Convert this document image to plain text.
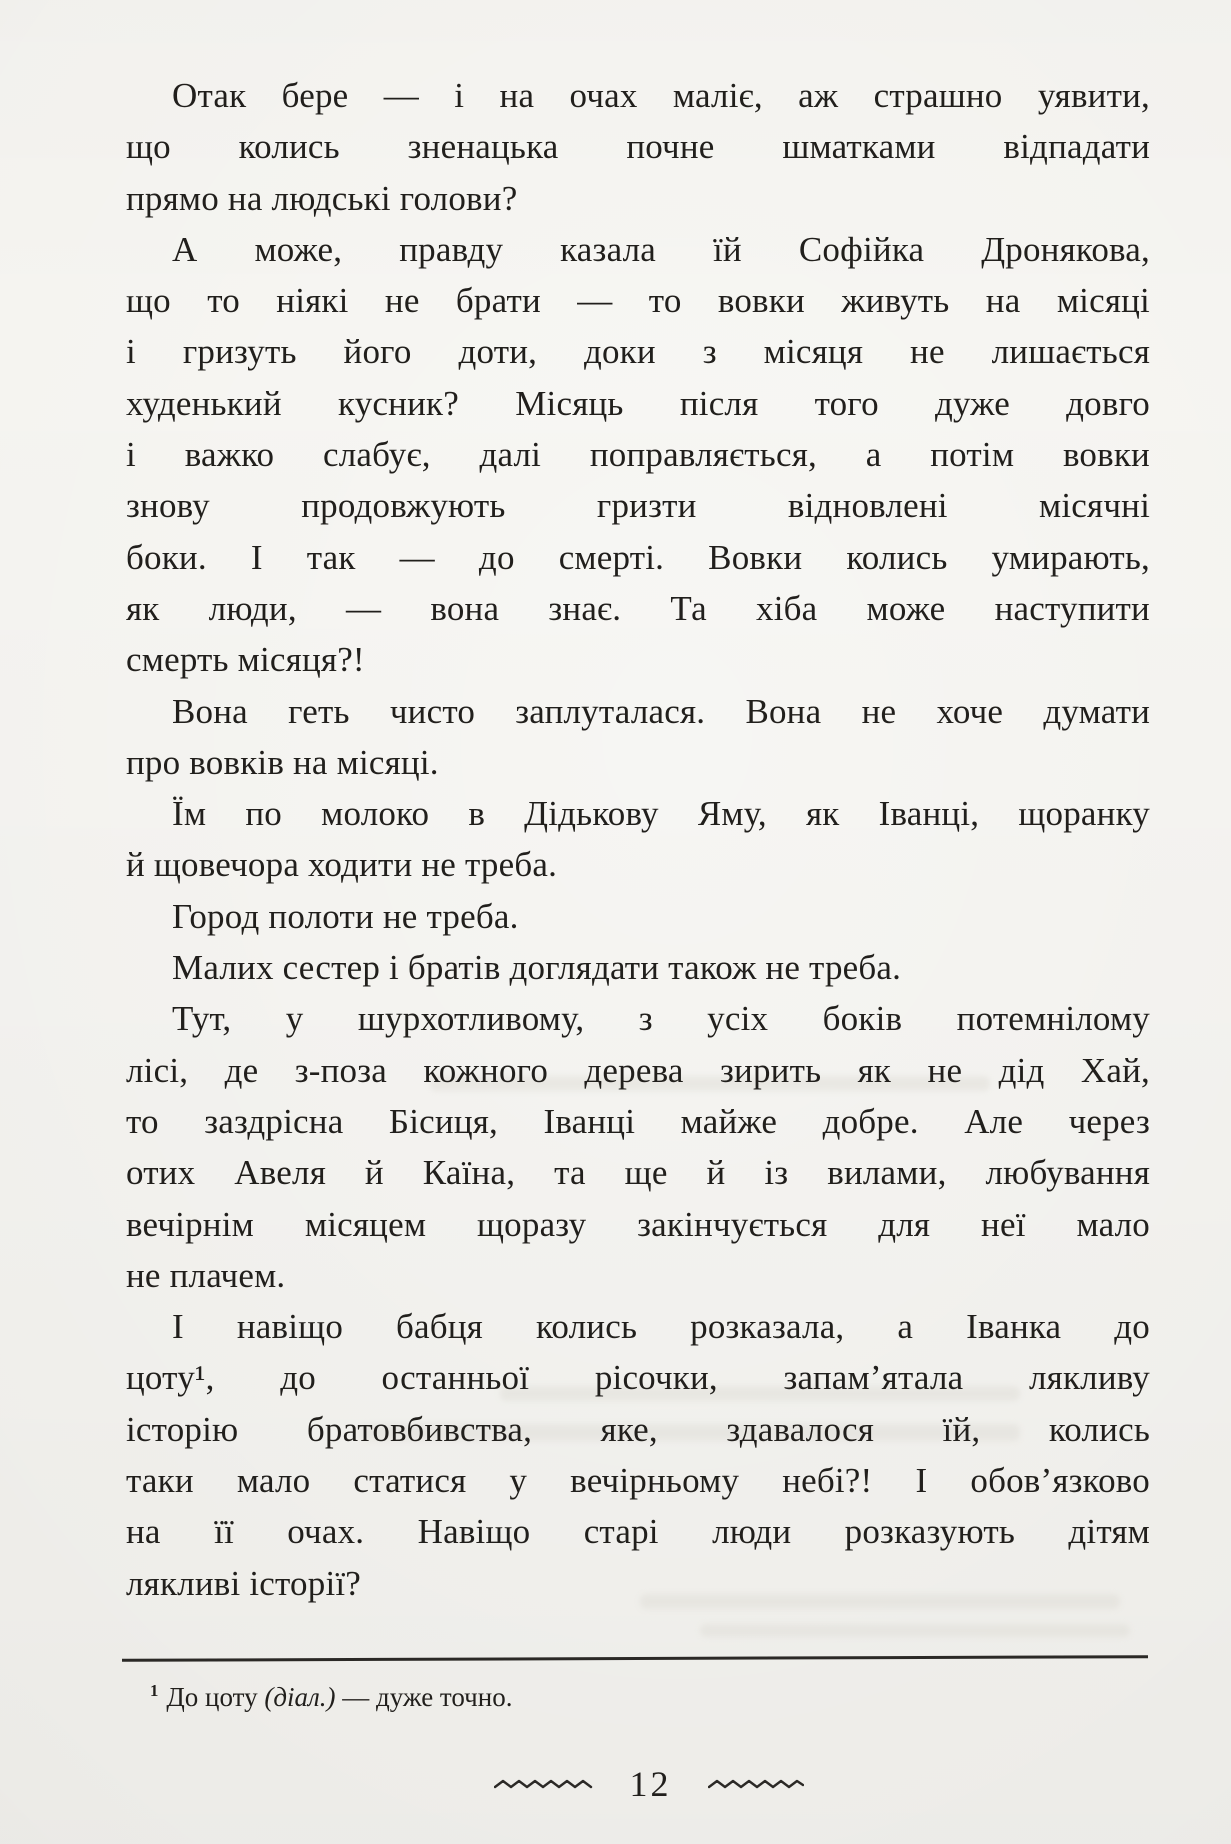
Отак бере — і на очах маліє, аж страшно уявити,
що колись зненацька почне шматками відпадати
прямо на людські голови?

А може, правду казала їй Софійка Дронякова,
що то ніякі не брати — то вовки живуть на місяці
і гризуть його доти, доки з місяця не лишається
худенький кусник? Місяць після того дуже довго
і важко слабує, далі поправляється, а потім вовки
знову продовжують гризти відновлені місячні
боки. І так — до смерті. Вовки колись умирають,
як люди, — вона знає. Та хіба може наступити
смерть місяця?!

Вона геть чисто заплуталася. Вона не хоче думати
про вовків на місяці.

Їм по молоко в Дідькову Яму, як Іванці, щоранку
й щовечора ходити не треба.

Город полоти не треба.

Малих сестер і братів доглядати також не треба.

Тут, у шурхотливому, з усіх боків потемнілому
лісі, де з-поза кожного дерева зирить як не дід Хай,
то заздрісна Бісиця, Іванці майже добре. Але через
отих Авеля й Каїна, та ще й із вилами, любування
вечірнім місяцем щоразу закінчується для неї мало
не плачем.

І навіщо бабця колись розказала, а Іванка до
цоту¹, до останньої рісочки, запам’ятала лякливу
історію братовбивства, яке, здавалося їй, колись
таки мало статися у вечірньому небі?! І обов’язково
на її очах. Навіщо старі люди розказують дітям
лякливі історії?

$^1$ До цоту (діал.) — дуже точно.
12
